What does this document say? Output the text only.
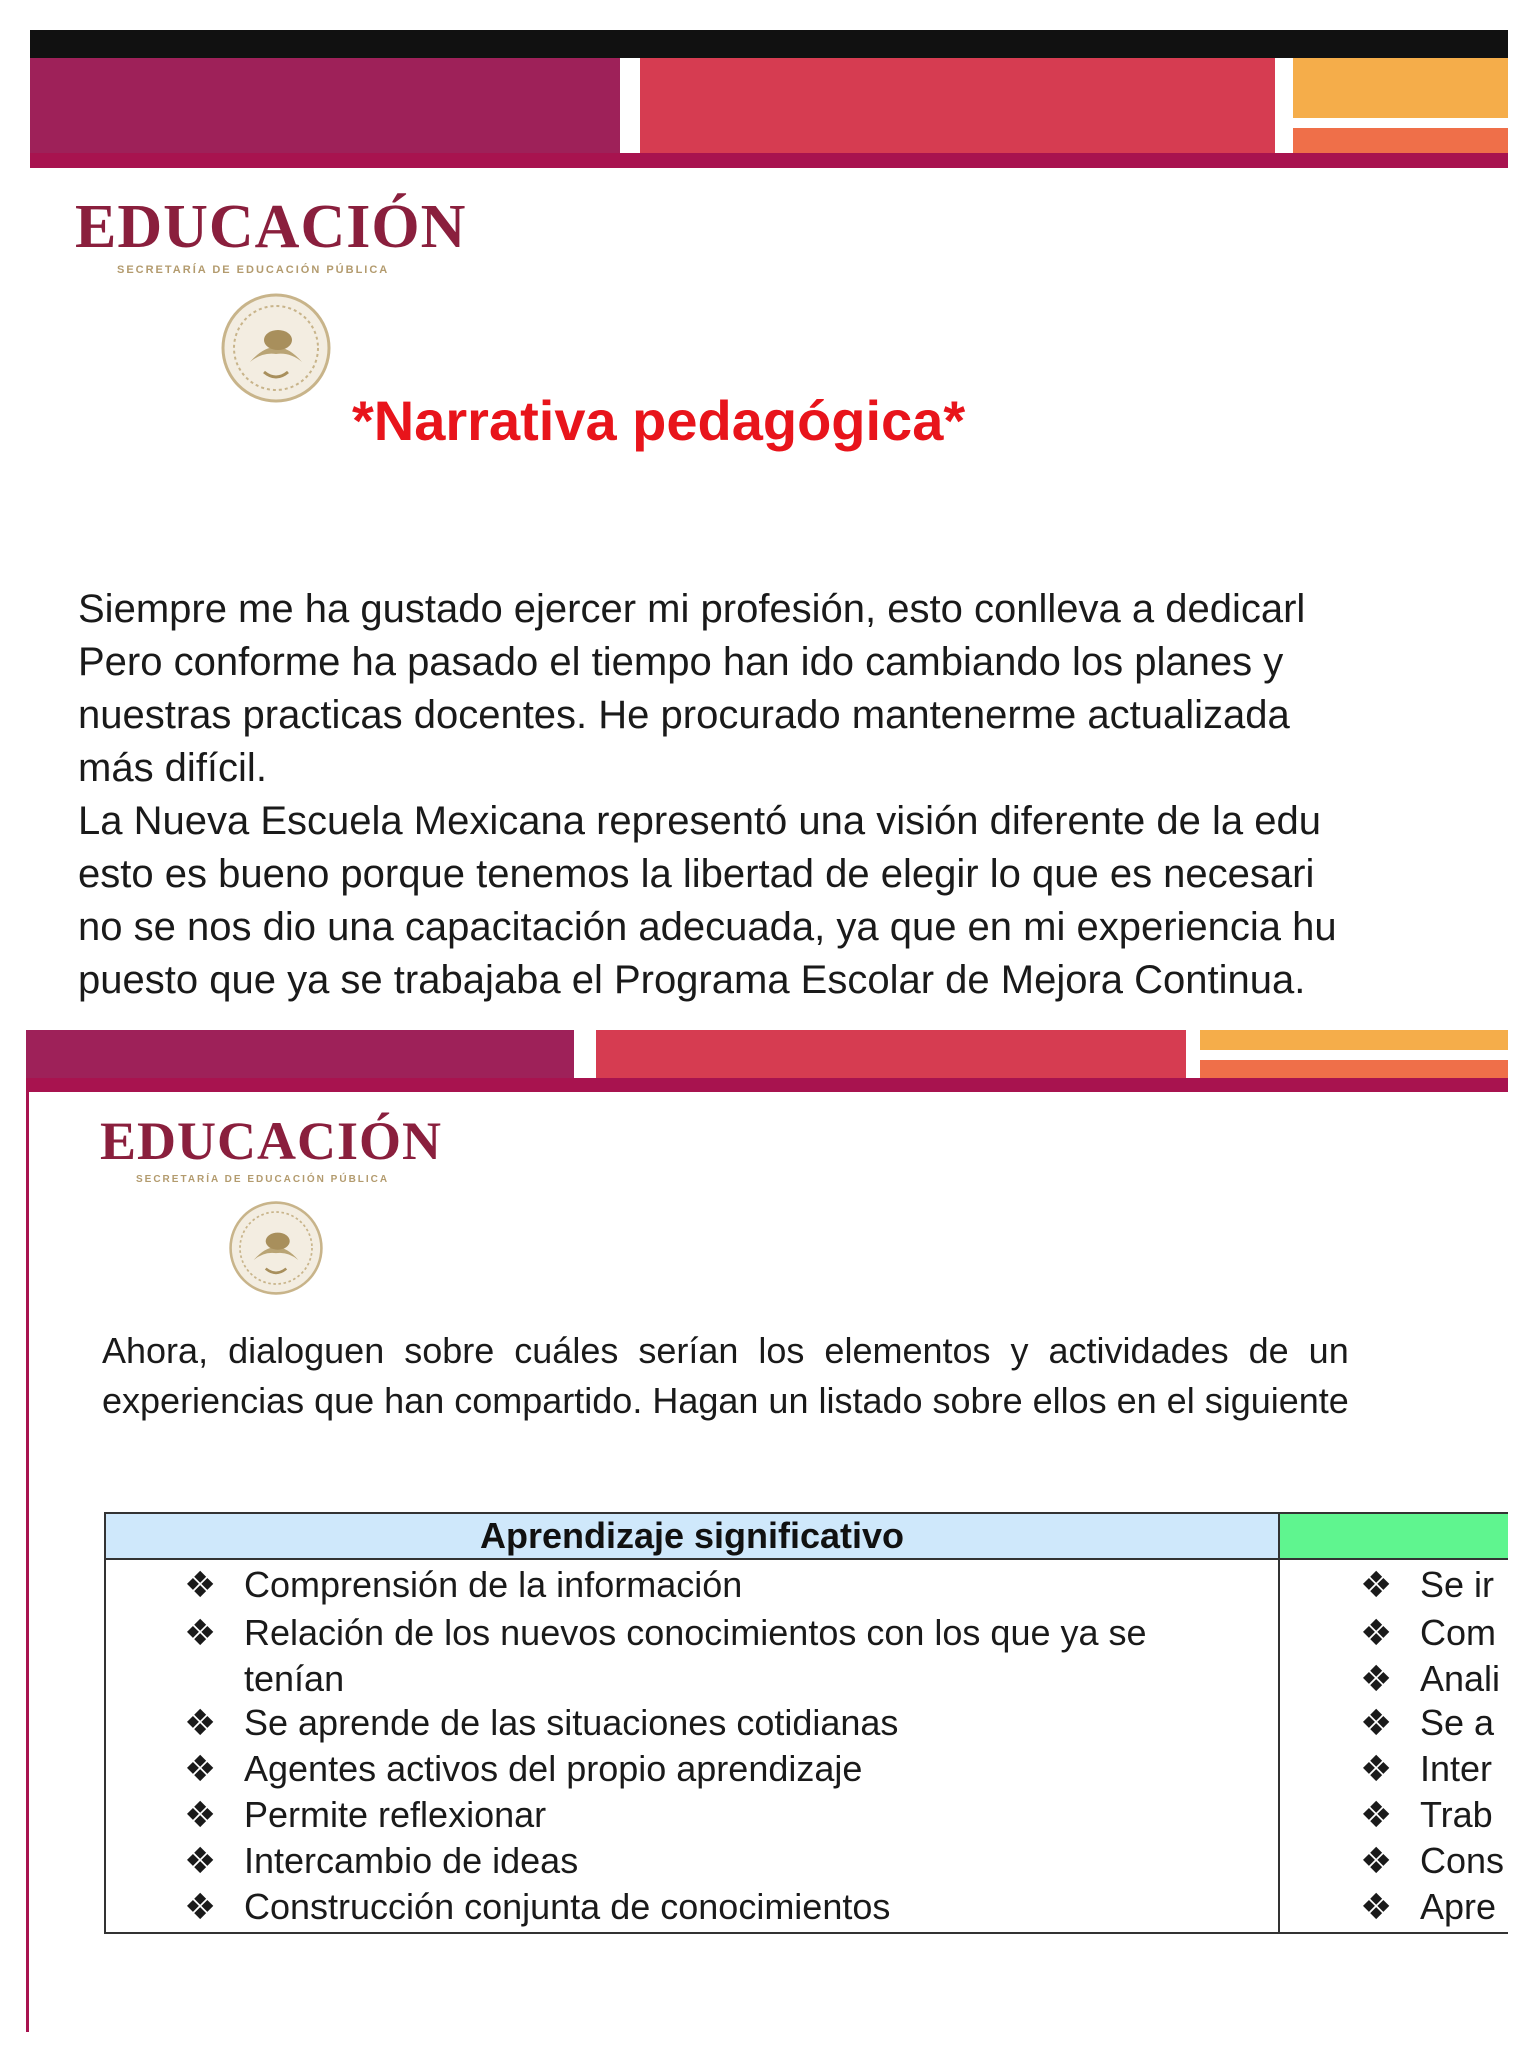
EDUCACIÓN
SECRETARÍA DE EDUCACIÓN PÚBLICA
*Narrativa pedagógica*
Siempre me ha gustado ejercer mi profesión, esto conlleva a dedicarl
Pero conforme ha pasado el tiempo han ido cambiando los planes y
nuestras practicas docentes. He procurado mantenerme actualizada
más difícil.
La Nueva Escuela Mexicana representó una visión diferente de la edu
esto es bueno porque tenemos la libertad de elegir lo que es necesari
no se nos dio una capacitación adecuada, ya que en mi experiencia hu
puesto que ya se trabajaba el Programa Escolar de Mejora Continua.
EDUCACIÓN
SECRETARÍA DE EDUCACIÓN PÚBLICA
Ahora,  dialoguen  sobre  cuáles  serían  los  elementos  y  actividades  de  un
experiencias que han compartido. Hagan un listado sobre ellos en el siguiente
Aprendizaje significativo
❖ Comprensión de la información
❖ Relación de los nuevos conocimientos con los que ya se
tenían
❖ Se aprende de las situaciones cotidianas
❖ Agentes activos del propio aprendizaje
❖ Permite reflexionar
❖ Intercambio de ideas
❖ Construcción conjunta de conocimientos
❖ Se ir
❖ Com
❖ Anali
❖ Se a
❖ Inter
❖ Trab
❖ Cons
❖ Apre
